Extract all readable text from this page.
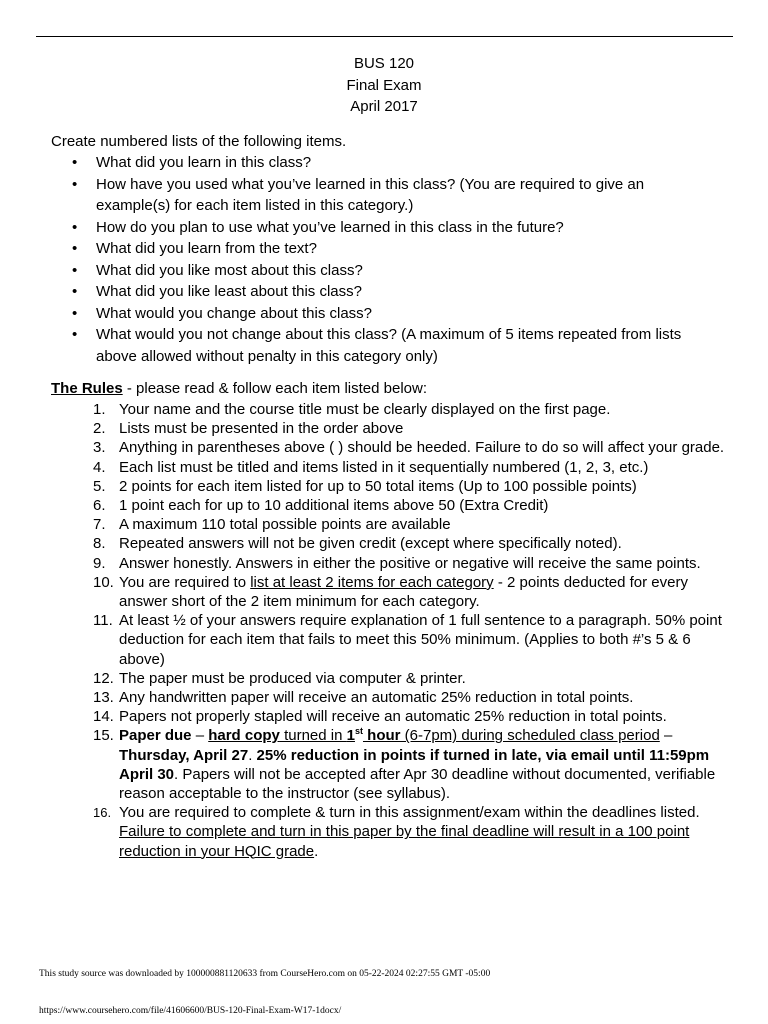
BUS 120
Final Exam
April 2017
Create numbered lists of the following items.
• What did you learn in this class?
• How have you used what you’ve learned in this class? (You are required to give an example(s) for each item listed in this category.)
• How do you plan to use what you’ve learned in this class in the future?
• What did you learn from the text?
• What did you like most about this class?
• What did you like least about this class?
• What would you change about this class?
• What would you not change about this class? (A maximum of 5 items repeated from lists above allowed without penalty in this category only)
The Rules - please read & follow each item listed below:
1. Your name and the course title must be clearly displayed on the first page.
2. Lists must be presented in the order above
3. Anything in parentheses above ( ) should be heeded. Failure to do so will affect your grade.
4. Each list must be titled and items listed in it sequentially numbered (1, 2, 3, etc.)
5. 2 points for each item listed for up to 50 total items (Up to 100 possible points)
6. 1 point each for up to 10 additional items above 50 (Extra Credit)
7. A maximum 110 total possible points are available
8. Repeated answers will not be given credit (except where specifically noted).
9. Answer honestly. Answers in either the positive or negative will receive the same points.
10. You are required to list at least 2 items for each category - 2 points deducted for every answer short of the 2 item minimum for each category.
11. At least ½ of your answers require explanation of 1 full sentence to a paragraph. 50% point deduction for each item that fails to meet this 50% minimum. (Applies to both #’s 5 & 6 above)
12. The paper must be produced via computer & printer.
13. Any handwritten paper will receive an automatic 25% reduction in total points.
14. Papers not properly stapled will receive an automatic 25% reduction in total points.
15. Paper due – hard copy turned in 1st hour (6-7pm) during scheduled class period – Thursday, April 27. 25% reduction in points if turned in late, via email until 11:59pm April 30. Papers will not be accepted after Apr 30 deadline without documented, verifiable reason acceptable to the instructor (see syllabus).
16. You are required to complete & turn in this assignment/exam within the deadlines listed. Failure to complete and turn in this paper by the final deadline will result in a 100 point reduction in your HQIC grade.
This study source was downloaded by 100000881120633 from CourseHero.com on 05-22-2024 02:27:55 GMT -05:00
https://www.coursehero.com/file/41606600/BUS-120-Final-Exam-W17-1docx/
